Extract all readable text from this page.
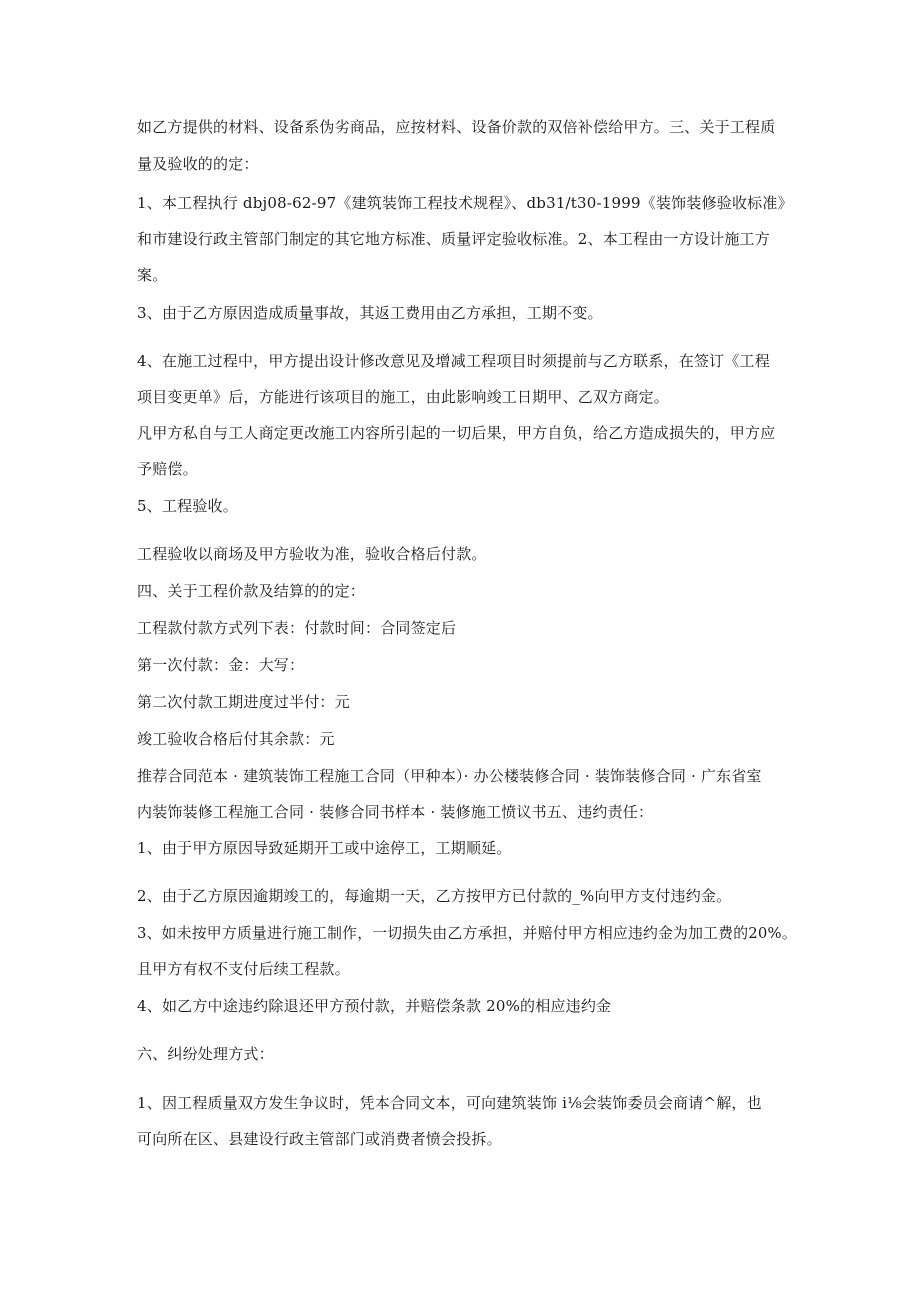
如乙方提供的材料、设备系伪劣商品，应按材料、设备价款的双倍补偿给甲方。三、关于工程质
量及验收的的定：
1、本工程执行 dbj08-62-97《建筑装饰工程技术规程》、db31/t30-1999《装饰装修验收标准》
和市建设行政主管部门制定的其它地方标准、质量评定验收标准。2、本工程由一方设计施工方
案。
3、由于乙方原因造成质量事故，其返工费用由乙方承担，工期不变。
4、在施工过程中，甲方提出设计修改意见及增减工程项目时须提前与乙方联系，在签订《工程
项目变更单》后，方能进行该项目的施工，由此影响竣工日期甲、乙双方商定。
凡甲方私自与工人商定更改施工内容所引起的一切后果，甲方自负，给乙方造成损失的，甲方应
予赔偿。
5、工程验收。
工程验收以商场及甲方验收为准，验收合格后付款。
四、关于工程价款及结算的的定：
工程款付款方式列下表：付款时间：合同签定后
第一次付款：金：大写：
第二次付款工期进度过半付：元
竣工验收合格后付其余款：元
推荐合同范本 · 建筑装饰工程施工合同（甲种本）· 办公楼装修合同 · 装饰装修合同 · 广东省室
内装饰装修工程施工合同 · 装修合同书样本 · 装修施工愤议书五、违约责任：
1、由于甲方原因导致延期开工或中途停工，工期顺延。
2、由于乙方原因逾期竣工的，每逾期一天，乙方按甲方已付款的_%向甲方支付违约金。
3、如未按甲方质量进行施工制作，一切损失由乙方承担，并赔付甲方相应违约金为加工费的20%。
且甲方有权不支付后续工程款。
4、如乙方中途违约除退还甲方预付款，并赔偿条款 20%的相应违约金
六、纠纷处理方式：
1、因工程质量双方发生争议时，凭本合同文本，可向建筑装饰 i⅛会装饰委员会商请^解，也
可向所在区、县建设行政主管部门或消费者愤会投拆。
